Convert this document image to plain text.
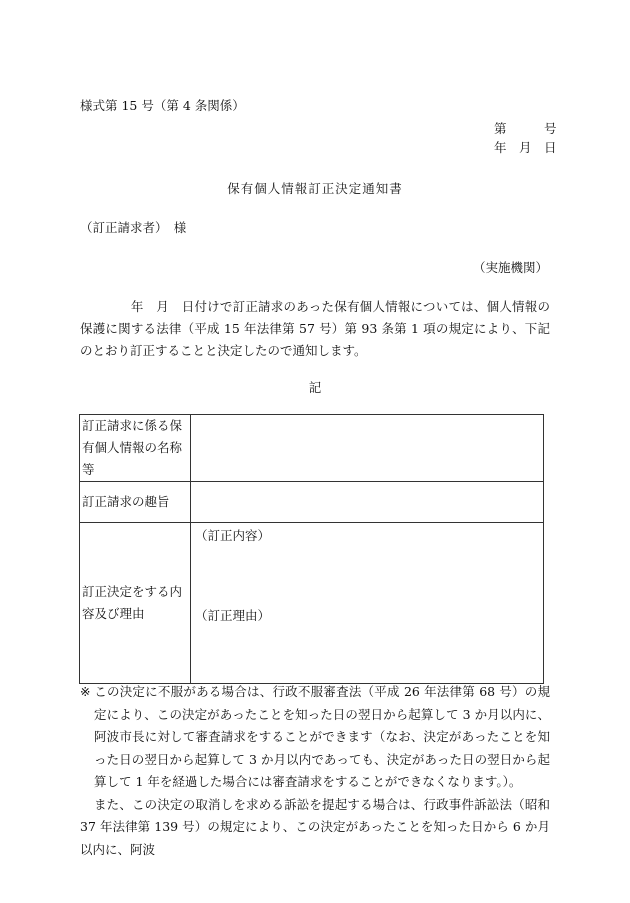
様式第 15 号（第 4 条関係）
第　　　号
年　月　日
保有個人情報訂正決定通知書
（訂正請求者）　様
（実施機関）
　　　　年　月　日付けで訂正請求のあった保有個人情報については、個人情報の保護に関する法律（平成 15 年法律第 57 号）第 93 条第 1 項の規定により、下記のとおり訂正することと決定したので通知します。
記
訂正請求に係る保有個人情報の名称等	
訂正請求の趣旨	
訂正決定をする内容及び理由	（訂正内容）
（訂正理由）

※ この決定に不服がある場合は、行政不服審査法（平成 26 年法律第 68 号）の規定により、この決定があったことを知った日の翌日から起算して 3 か月以内に、阿波市長に対して審査請求をすることができます（なお、決定があったことを知った日の翌日から起算して 3 か月以内であっても、決定があった日の翌日から起算して 1 年を経過した場合には審査請求をすることができなくなります。）。

また、この決定の取消しを求める訴訟を提起する場合は、行政事件訴訟法（昭和 37 年法律第 139 号）の規定により、この決定があったことを知った日から 6 か月以内に、阿波
